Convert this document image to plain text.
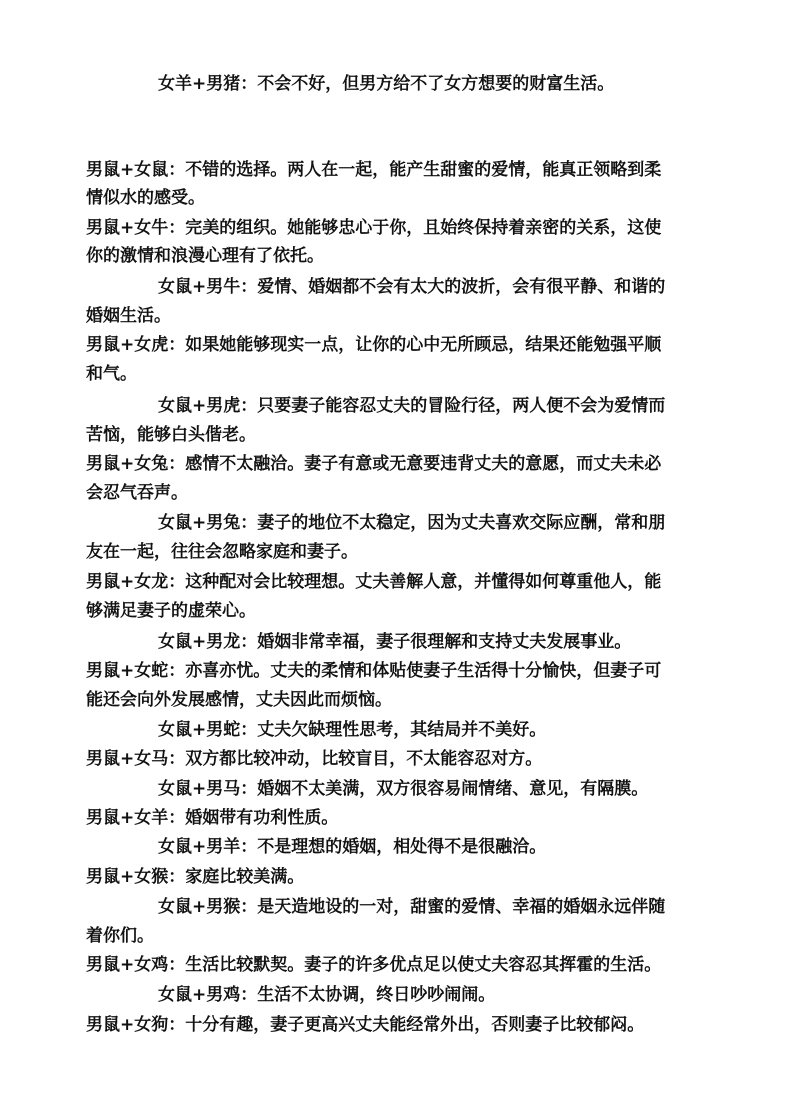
女羊+男猪：不会不好，但男方给不了女方想要的财富生活。
男鼠+女鼠：不错的选择。两人在一起，能产生甜蜜的爱情，能真正领略到柔
情似水的感受。
男鼠+女牛：完美的组织。她能够忠心于你，且始终保持着亲密的关系，这使
你的激情和浪漫心理有了依托。
女鼠+男牛：爱情、婚姻都不会有太大的波折，会有很平静、和谐的
婚姻生活。
男鼠+女虎：如果她能够现实一点，让你的心中无所顾忌，结果还能勉强平顺
和气。
女鼠+男虎：只要妻子能容忍丈夫的冒险行径，两人便不会为爱情而
苦恼，能够白头偕老。
男鼠+女兔：感情不太融洽。妻子有意或无意要违背丈夫的意愿，而丈夫未必
会忍气吞声。
女鼠+男兔：妻子的地位不太稳定，因为丈夫喜欢交际应酬，常和朋
友在一起，往往会忽略家庭和妻子。
男鼠+女龙：这种配对会比较理想。丈夫善解人意，并懂得如何尊重他人，能
够满足妻子的虚荣心。
女鼠+男龙：婚姻非常幸福，妻子很理解和支持丈夫发展事业。
男鼠+女蛇：亦喜亦忧。丈夫的柔情和体贴使妻子生活得十分愉快，但妻子可
能还会向外发展感情，丈夫因此而烦恼。
女鼠+男蛇：丈夫欠缺理性思考，其结局并不美好。
男鼠+女马：双方都比较冲动，比较盲目，不太能容忍对方。
女鼠+男马：婚姻不太美满，双方很容易闹情绪、意见，有隔膜。
男鼠+女羊：婚姻带有功利性质。
女鼠+男羊：不是理想的婚姻，相处得不是很融洽。
男鼠+女猴：家庭比较美满。
女鼠+男猴：是天造地设的一对，甜蜜的爱情、幸福的婚姻永远伴随
着你们。
男鼠+女鸡：生活比较默契。妻子的许多优点足以使丈夫容忍其挥霍的生活。
女鼠+男鸡：生活不太协调，终日吵吵闹闹。
男鼠+女狗：十分有趣，妻子更高兴丈夫能经常外出，否则妻子比较郁闷。
